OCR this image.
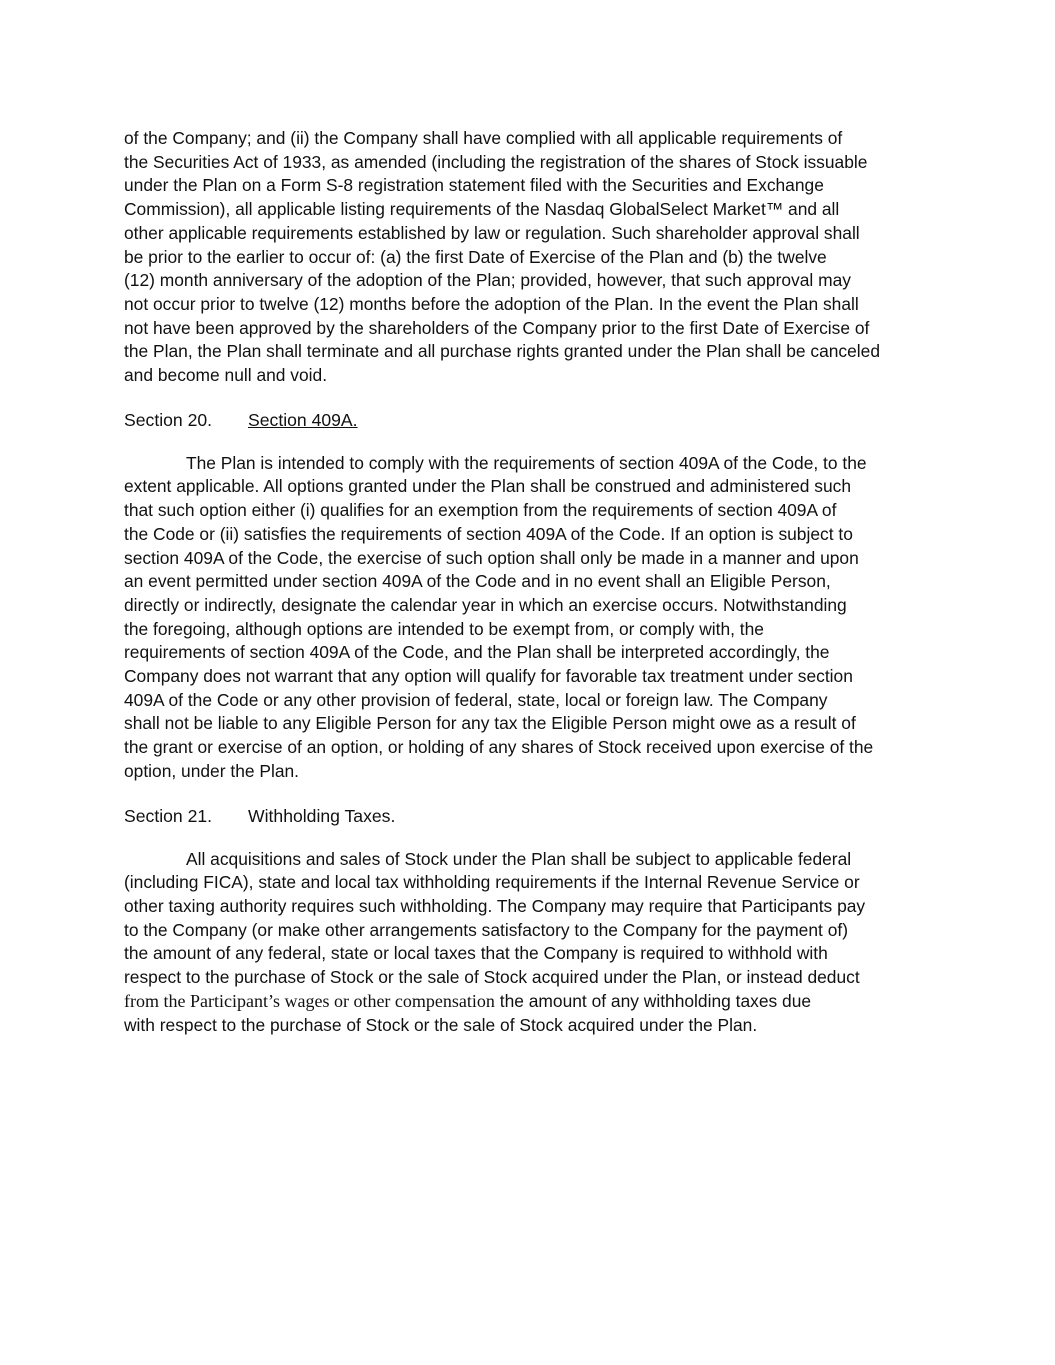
of the Company; and (ii) the Company shall have complied with all applicable requirements of
the Securities Act of 1933, as amended (including the registration of the shares of Stock issuable
under the Plan on a Form S-8 registration statement filed with the Securities and Exchange
Commission), all applicable listing requirements of the Nasdaq GlobalSelect Market™ and all
other applicable requirements established by law or regulation. Such shareholder approval shall
be prior to the earlier to occur of: (a) the first Date of Exercise of the Plan and (b) the twelve
(12) month anniversary of the adoption of the Plan; provided, however, that such approval may
not occur prior to twelve (12) months before the adoption of the Plan. In the event the Plan shall
not have been approved by the shareholders of the Company prior to the first Date of Exercise of
the Plan, the Plan shall terminate and all purchase rights granted under the Plan shall be canceled
and become null and void.

Section 20.	Section 409A.

The Plan is intended to comply with the requirements of section 409A of the Code, to the
extent applicable. All options granted under the Plan shall be construed and administered such
that such option either (i) qualifies for an exemption from the requirements of section 409A of
the Code or (ii) satisfies the requirements of section 409A of the Code. If an option is subject to
section 409A of the Code, the exercise of such option shall only be made in a manner and upon
an event permitted under section 409A of the Code and in no event shall an Eligible Person,
directly or indirectly, designate the calendar year in which an exercise occurs. Notwithstanding
the foregoing, although options are intended to be exempt from, or comply with, the
requirements of section 409A of the Code, and the Plan shall be interpreted accordingly, the
Company does not warrant that any option will qualify for favorable tax treatment under section
409A of the Code or any other provision of federal, state, local or foreign law. The Company
shall not be liable to any Eligible Person for any tax the Eligible Person might owe as a result of
the grant or exercise of an option, or holding of any shares of Stock received upon exercise of the
option, under the Plan.

Section 21.	Withholding Taxes.

All acquisitions and sales of Stock under the Plan shall be subject to applicable federal
(including FICA), state and local tax withholding requirements if the Internal Revenue Service or
other taxing authority requires such withholding. The Company may require that Participants pay
to the Company (or make other arrangements satisfactory to the Company for the payment of)
the amount of any federal, state or local taxes that the Company is required to withhold with
respect to the purchase of Stock or the sale of Stock acquired under the Plan, or instead deduct
from the Participant’s wages or other compensation the amount of any withholding taxes due
with respect to the purchase of Stock or the sale of Stock acquired under the Plan.
